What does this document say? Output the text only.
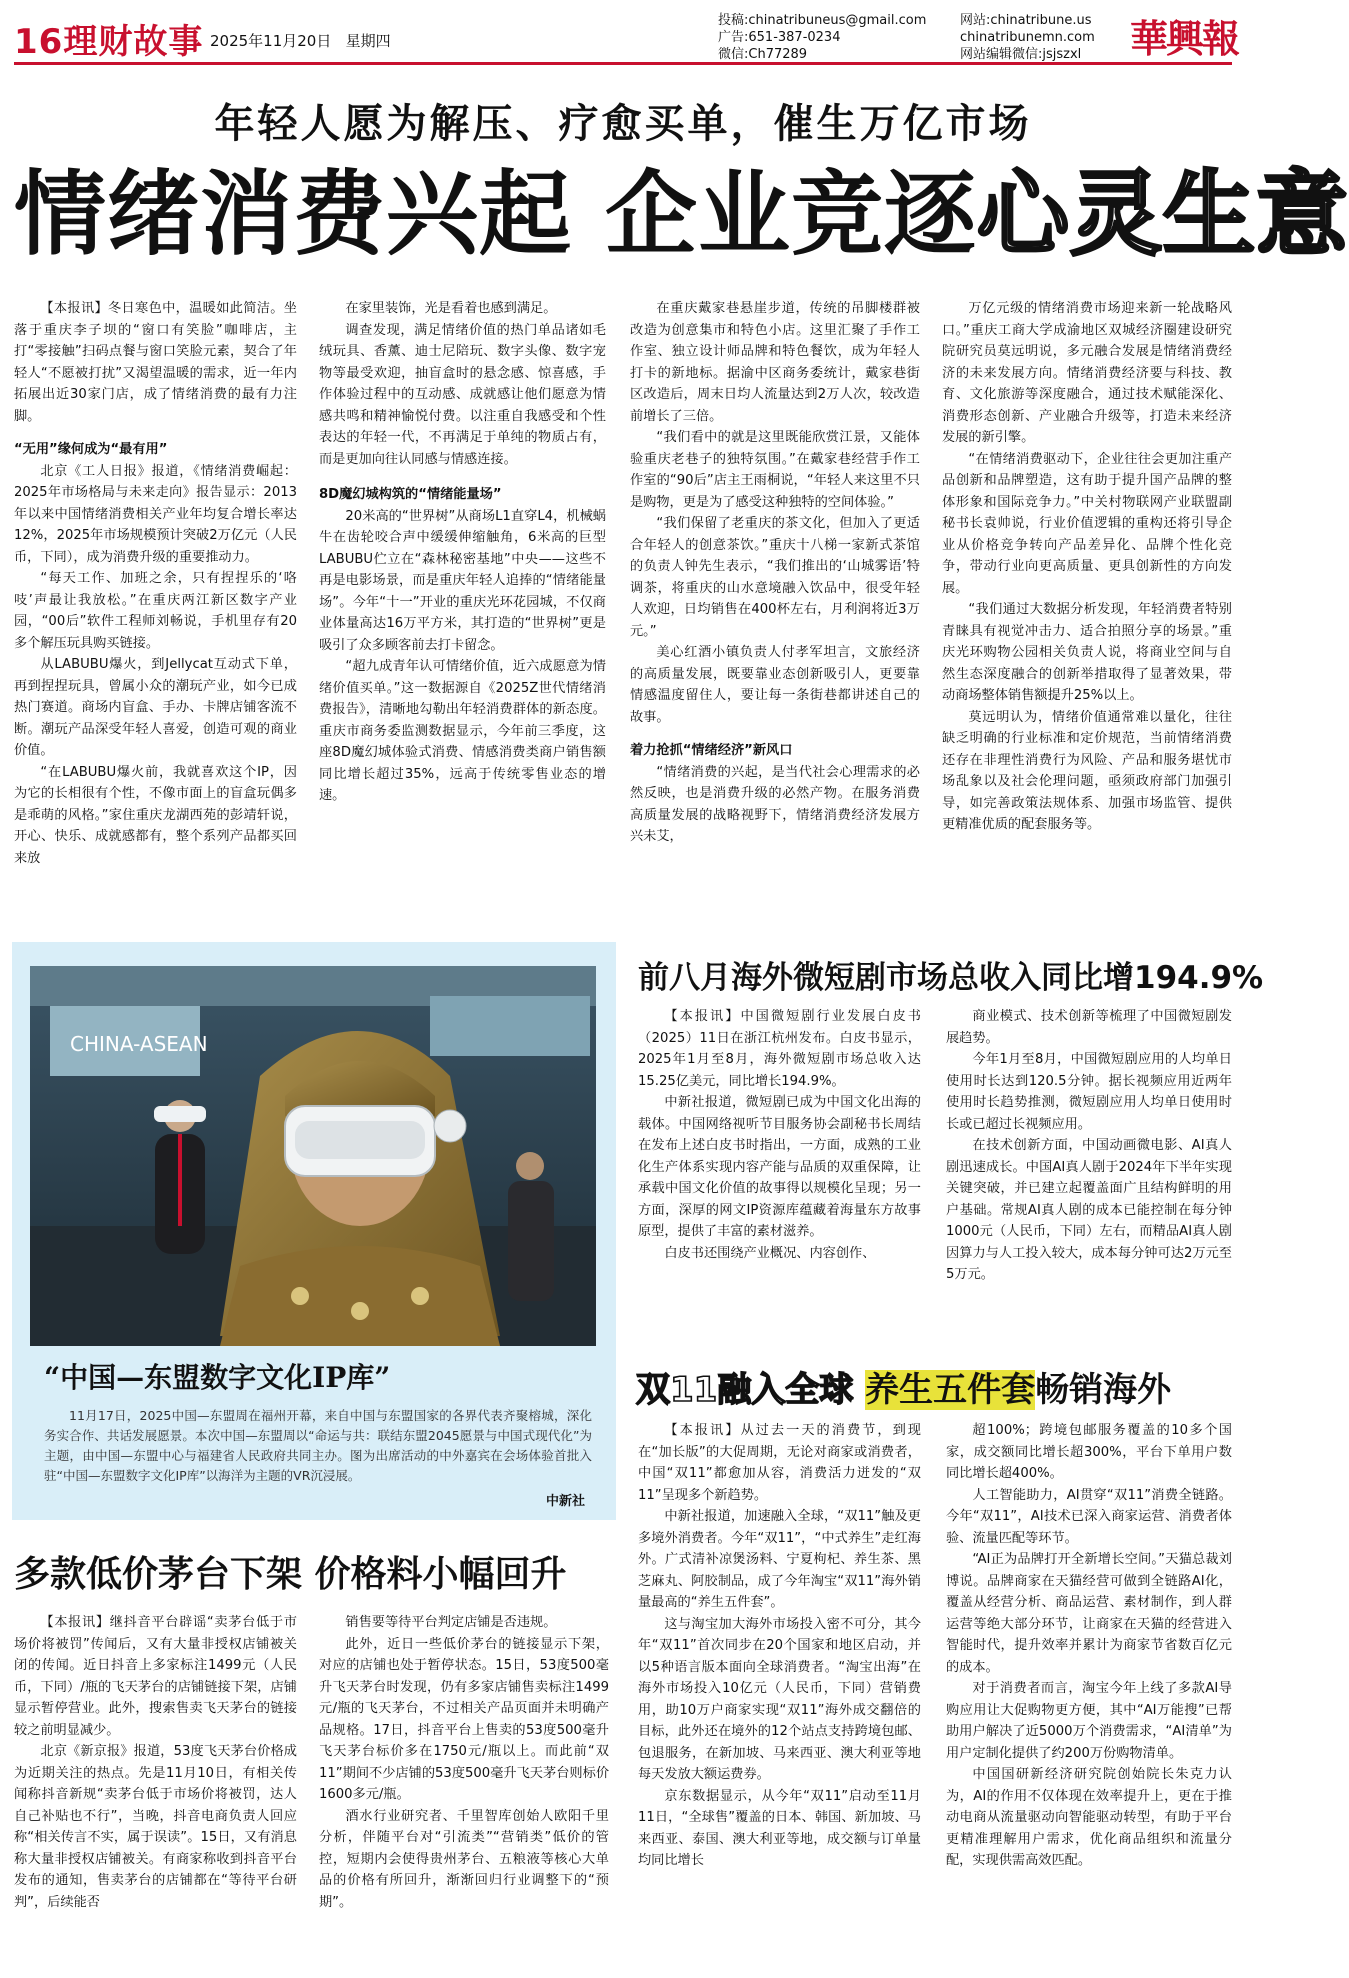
16理财故事 2025年11月20日 星期四
投稿:chinatribuneus@gmail.com
广告:651-387-0234
微信:Ch77289
网站:chinatribune.us
chinatribunemn.com
网站编辑微信:jsjszxl	華興報
年轻人愿为解压、疗愈买单，催生万亿市场
情绪消费兴起 企业竞逐心灵生意

【本报讯】冬日寒色中，温暖如此简洁。坐落于重庆李子坝的“窗口有笑脸”咖啡店，主打“零接触”扫码点餐与窗口笑脸元素，契合了年轻人“不愿被打扰”又渴望温暖的需求，近一年内拓展出近30家门店，成了情绪消费的最有力注脚。

“无用”缘何成为“最有用”

北京《工人日报》报道，《情绪消费崛起：2025年市场格局与未来走向》报告显示：2013年以来中国情绪消费相关产业年均复合增长率达12%，2025年市场规模预计突破2万亿元（人民币，下同），成为消费升级的重要推动力。

“每天工作、加班之余，只有捏捏乐的‘咯吱’声最让我放松。”在重庆两江新区数字产业园，“00后”软件工程师刘畅说，手机里存有20多个解压玩具购买链接。

从LABUBU爆火，到Jellycat互动式下单，再到捏捏玩具，曾属小众的潮玩产业，如今已成热门赛道。商场内盲盒、手办、卡牌店铺客流不断。潮玩产品深受年轻人喜爱，创造可观的商业价值。

“在LABUBU爆火前，我就喜欢这个IP，因为它的长相很有个性，不像市面上的盲盒玩偶多是乖萌的风格。”家住重庆龙湖西苑的彭靖轩说，开心、快乐、成就感都有，整个系列产品都买回来放

在家里装饰，光是看着也感到满足。

调查发现，满足情绪价值的热门单品诸如毛绒玩具、香薰、迪士尼陪玩、数字头像、数字宠物等最受欢迎，抽盲盒时的悬念感、惊喜感，手作体验过程中的互动感、成就感让他们愿意为情感共鸣和精神愉悦付费。以注重自我感受和个性表达的年轻一代，不再满足于单纯的物质占有，而是更加向往认同感与情感连接。

8D魔幻城构筑的“情绪能量场”

20米高的“世界树”从商场L1直穿L4，机械蜗牛在齿轮咬合声中缓缓伸缩触角，6米高的巨型LABUBU伫立在“森林秘密基地”中央——这些不再是电影场景，而是重庆年轻人追捧的“情绪能量场”。今年“十一”开业的重庆光环花园城，不仅商业体量高达16万平方米，其打造的“世界树”更是吸引了众多顾客前去打卡留念。

“超九成青年认可情绪价值，近六成愿意为情绪价值买单。”这一数据源自《2025Z世代情绪消费报告》，清晰地勾勒出年轻消费群体的新态度。重庆市商务委监测数据显示，今年前三季度，这座8D魔幻城体验式消费、情感消费类商户销售额同比增长超过35%，远高于传统零售业态的增速。

在重庆戴家巷悬崖步道，传统的吊脚楼群被改造为创意集市和特色小店。这里汇聚了手作工作室、独立设计师品牌和特色餐饮，成为年轻人打卡的新地标。据渝中区商务委统计，戴家巷街区改造后，周末日均人流量达到2万人次，较改造前增长了三倍。

“我们看中的就是这里既能欣赏江景，又能体验重庆老巷子的独特氛围。”在戴家巷经营手作工作室的“90后”店主王雨桐说，“年轻人来这里不只是购物，更是为了感受这种独特的空间体验。”

“我们保留了老重庆的茶文化，但加入了更适合年轻人的创意茶饮。”重庆十八梯一家新式茶馆的负责人钟先生表示，“我们推出的‘山城雾语’特调茶，将重庆的山水意境融入饮品中，很受年轻人欢迎，日均销售在400杯左右，月利润将近3万元。”

美心红酒小镇负责人付孝军坦言，文旅经济的高质量发展，既要靠业态创新吸引人，更要靠情感温度留住人，要让每一条街巷都讲述自己的故事。

着力抢抓“情绪经济”新风口

“情绪消费的兴起，是当代社会心理需求的必然反映，也是消费升级的必然产物。在服务消费高质量发展的战略视野下，情绪消费经济发展方兴未艾，

万亿元级的情绪消费市场迎来新一轮战略风口。”重庆工商大学成渝地区双城经济圈建设研究院研究员莫远明说，多元融合发展是情绪消费经济的未来发展方向。情绪消费经济要与科技、教育、文化旅游等深度融合，通过技术赋能深化、消费形态创新、产业融合升级等，打造未来经济发展的新引擎。

“在情绪消费驱动下，企业往往会更加注重产品创新和品牌塑造，这有助于提升国产品牌的整体形象和国际竞争力。”中关村物联网产业联盟副秘书长袁帅说，行业价值逻辑的重构还将引导企业从价格竞争转向产品差异化、品牌个性化竞争，带动行业向更高质量、更具创新性的方向发展。

“我们通过大数据分析发现，年轻消费者特别青睐具有视觉冲击力、适合拍照分享的场景。”重庆光环购物公园相关负责人说，将商业空间与自然生态深度融合的创新举措取得了显著效果，带动商场整体销售额提升25%以上。

莫远明认为，情绪价值通常难以量化，往往缺乏明确的行业标准和定价规范，当前情绪消费还存在非理性消费行为风险、产品和服务堪忧市场乱象以及社会伦理问题，亟须政府部门加强引导，如完善政策法规体系、加强市场监管、提供更精准优质的配套服务等。

CHINA-ASEAN
“中国—东盟数字文化IP库”
11月17日，2025中国—东盟周在福州开幕，来自中国与东盟国家的各界代表齐聚榕城，深化务实合作、共话发展愿景。本次中国—东盟周以“命运与共：联结东盟2045愿景与中国式现代化”为主题，由中国—东盟中心与福建省人民政府共同主办。图为出席活动的中外嘉宾在会场体验首批入驻“中国—东盟数字文化IP库”以海洋为主题的VR沉浸展。
中新社
前八月海外微短剧市场总收入同比增194.9%

【本报讯】中国微短剧行业发展白皮书（2025）11日在浙江杭州发布。白皮书显示，2025年1月至8月，海外微短剧市场总收入达15.25亿美元，同比增长194.9%。

中新社报道，微短剧已成为中国文化出海的载体。中国网络视听节目服务协会副秘书长周结在发布上述白皮书时指出，一方面，成熟的工业化生产体系实现内容产能与品质的双重保障，让承载中国文化价值的故事得以规模化呈现；另一方面，深厚的网文IP资源库蕴藏着海量东方故事原型，提供了丰富的素材滋养。

白皮书还围绕产业概况、内容创作、

商业模式、技术创新等梳理了中国微短剧发展趋势。

今年1月至8月，中国微短剧应用的人均单日使用时长达到120.5分钟。据长视频应用近两年使用时长趋势推测，微短剧应用人均单日使用时长或已超过长视频应用。

在技术创新方面，中国动画微电影、AI真人剧迅速成长。中国AI真人剧于2024年下半年实现关键突破，并已建立起覆盖面广且结构鲜明的用户基础。常规AI真人剧的成本已能控制在每分钟1000元（人民币，下同）左右，而精品AI真人剧因算力与人工投入较大，成本每分钟可达2万元至5万元。

双11融入全球 养生五件套畅销海外

【本报讯】从过去一天的消费节，到现在“加长版”的大促周期，无论对商家或消费者，中国“双11”都愈加从容，消费活力迸发的“双11”呈现多个新趋势。

中新社报道，加速融入全球，“双11”触及更多境外消费者。今年“双11”，“中式养生”走红海外。广式清补凉煲汤料、宁夏枸杞、养生茶、黑芝麻丸、阿胶制品，成了今年淘宝“双11”海外销量最高的“养生五件套”。

这与淘宝加大海外市场投入密不可分，其今年“双11”首次同步在20个国家和地区启动，并以5种语言版本面向全球消费者。“淘宝出海”在海外市场投入10亿元（人民币，下同）营销费用，助10万户商家实现“双11”海外成交翻倍的目标，此外还在境外的12个站点支持跨境包邮、包退服务，在新加坡、马来西亚、澳大利亚等地每天发放大额运费券。

京东数据显示，从今年“双11”启动至11月11日，“全球售”覆盖的日本、韩国、新加坡、马来西亚、泰国、澳大利亚等地，成交额与订单量均同比增长

超100%；跨境包邮服务覆盖的10多个国家，成交额同比增长超300%，平台下单用户数同比增长超400%。

人工智能助力，AI贯穿“双11”消费全链路。今年“双11”，AI技术已深入商家运营、消费者体验、流量匹配等环节。

“AI正为品牌打开全新增长空间。”天猫总裁刘博说。品牌商家在天猫经营可做到全链路AI化，覆盖从经营分析、商品运营、素材制作，到人群运营等绝大部分环节，让商家在天猫的经营进入智能时代，提升效率并累计为商家节省数百亿元的成本。

对于消费者而言，淘宝今年上线了多款AI导购应用让大促购物更方便，其中“AI万能搜”已帮助用户解决了近5000万个消费需求，“AI清单”为用户定制化提供了约200万份购物清单。

中国国研新经济研究院创始院长朱克力认为，AI的作用不仅体现在效率提升上，更在于推动电商从流量驱动向智能驱动转型，有助于平台更精准理解用户需求，优化商品组织和流量分配，实现供需高效匹配。

多款低价茅台下架 价格料小幅回升

【本报讯】继抖音平台辟谣“卖茅台低于市场价将被罚”传闻后，又有大量非授权店铺被关闭的传闻。近日抖音上多家标注1499元（人民币，下同）/瓶的飞天茅台的店铺链接下架，店铺显示暂停营业。此外，搜索售卖飞天茅台的链接较之前明显减少。

北京《新京报》报道，53度飞天茅台价格成为近期关注的热点。先是11月10日，有相关传闻称抖音新规“卖茅台低于市场价将被罚，达人自己补贴也不行”，当晚，抖音电商负责人回应称“相关传言不实，属于误读”。15日，又有消息称大量非授权店铺被关。有商家称收到抖音平台发布的通知，售卖茅台的店铺都在“等待平台研判”，后续能否

销售要等待平台判定店铺是否违规。

此外，近日一些低价茅台的链接显示下架，对应的店铺也处于暂停状态。15日，53度500毫升飞天茅台时发现，仍有多家店铺售卖标注1499元/瓶的飞天茅台，不过相关产品页面并未明确产品规格。17日，抖音平台上售卖的53度500毫升飞天茅台标价多在1750元/瓶以上。而此前“双11”期间不少店铺的53度500毫升飞天茅台则标价1600多元/瓶。

酒水行业研究者、千里智库创始人欧阳千里分析，伴随平台对“引流类”“营销类”低价的管控，短期内会使得贵州茅台、五粮液等核心大单品的价格有所回升，渐渐回归行业调整下的“预期”。
